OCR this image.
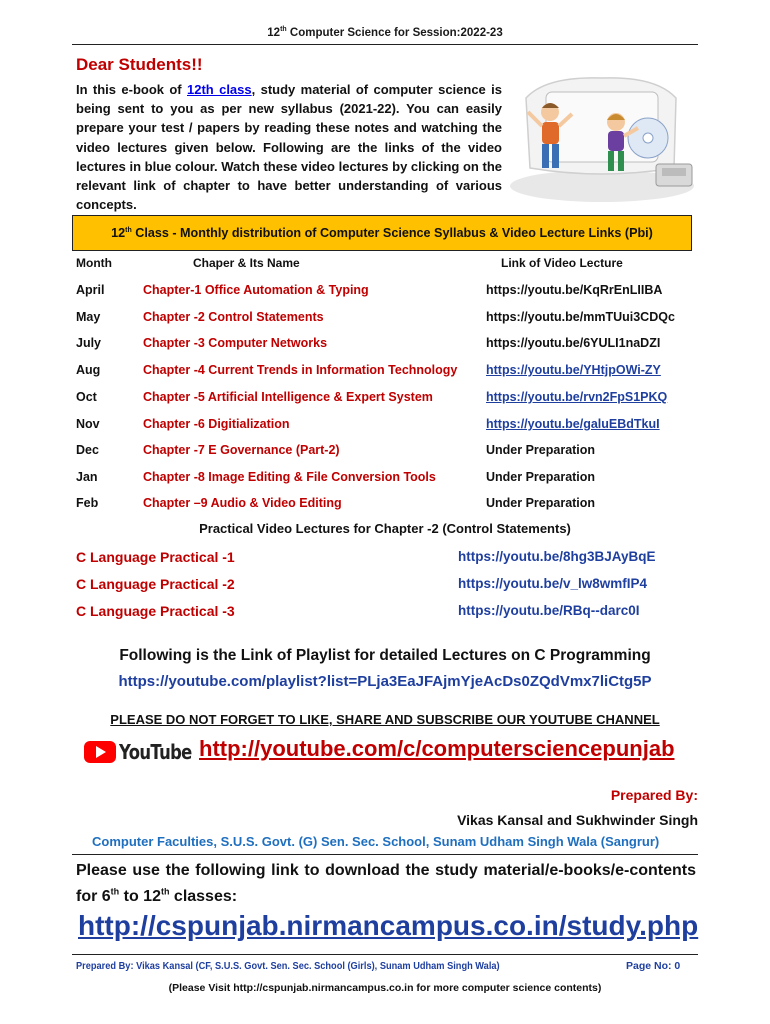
12th Computer Science for Session:2022-23
Dear Students!!
In this e-book of 12th class, study material of computer science is being sent to you as per new syllabus (2021-22). You can easily prepare your test / papers by reading these notes and watching the video lectures given below. Following are the links of the video lectures in blue colour. Watch these video lectures by clicking on the relevant link of chapter to have better understanding of various concepts.
12th Class - Monthly distribution of Computer Science Syllabus & Video Lecture Links (Pbi)
Month	Chaper & Its Name	Link of Video Lecture
April	Chapter-1 Office Automation & Typing	https://youtu.be/KqRrEnLIIBA
May	Chapter -2 Control Statements	https://youtu.be/mmTUui3CDQc
July	Chapter -3 Computer Networks	https://youtu.be/6YULI1naDZI
Aug	Chapter -4 Current Trends in Information Technology https://youtu.be/YHtjpOWi-ZY
Oct	Chapter -5 Artificial Intelligence & Expert System	https://youtu.be/rvn2FpS1PKQ
Nov	Chapter -6 Digitialization	https://youtu.be/galuEBdTkuI
Dec	Chapter -7 E Governance (Part-2)	Under Preparation
Jan	Chapter -8 Image Editing & File Conversion Tools	Under Preparation
Feb	Chapter –9 Audio & Video Editing	Under Preparation
Practical Video Lectures for Chapter -2 (Control Statements)
C Language Practical -1	https://youtu.be/8hg3BJAyBqE
C Language Practical -2	https://youtu.be/v_lw8wmfIP4
C Language Practical -3	https://youtu.be/RBq--darc0I
Following is the Link of Playlist for detailed Lectures on C Programming
https://youtube.com/playlist?list=PLja3EaJFAjmYjeAcDs0ZQdVmx7liCtg5P
PLEASE DO NOT FORGET TO LIKE, SHARE AND SUBSCRIBE OUR YOUTUBE CHANNEL
YouTube http://youtube.com/c/computersciencepunjab
Prepared By:
Vikas Kansal and Sukhwinder Singh
Computer Faculties, S.U.S. Govt. (G) Sen. Sec. School, Sunam Udham Singh Wala (Sangrur)
Please use the following link to download the study material/e-books/e-contents for 6th to 12th classes:
http://cspunjab.nirmancampus.co.in/study.php
Prepared By: Vikas Kansal (CF, S.U.S. Govt. Sen. Sec. School (Girls), Sunam Udham Singh Wala)	Page No: 0
(Please Visit http://cspunjab.nirmancampus.co.in for more computer science contents)
